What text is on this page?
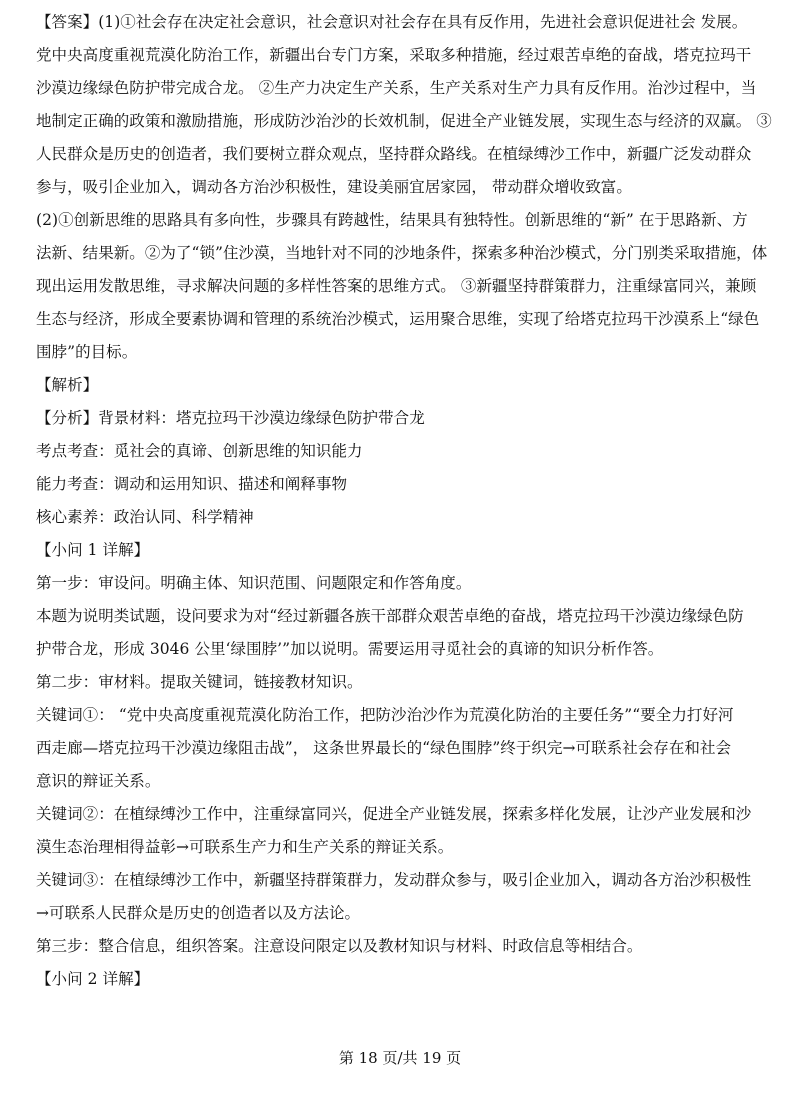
【答案】(1)①社会存在决定社会意识，社会意识对社会存在具有反作用，先进社会意识促进社会 发展。
党中央高度重视荒漠化防治工作，新疆出台专门方案，采取多种措施，经过艰苦卓绝的奋战，塔克拉玛干
沙漠边缘绿色防护带完成合龙。 ②生产力决定生产关系，生产关系对生产力具有反作用。治沙过程中，当
地制定正确的政策和激励措施，形成防沙治沙的长效机制，促进全产业链发展，实现生态与经济的双赢。 ③
人民群众是历史的创造者，我们要树立群众观点，坚持群众路线。在植绿缚沙工作中，新疆广泛发动群众
参与，吸引企业加入，调动各方治沙积极性，建设美丽宜居家园， 带动群众增收致富。
(2)①创新思维的思路具有多向性，步骤具有跨越性，结果具有独特性。创新思维的“新” 在于思路新、方
法新、结果新。②为了“锁”住沙漠，当地针对不同的沙地条件，探索多种治沙模式，分门别类采取措施，体
现出运用发散思维，寻求解决问题的多样性答案的思维方式。 ③新疆坚持群策群力，注重绿富同兴，兼顾
生态与经济，形成全要素协调和管理的系统治沙模式，运用聚合思维，实现了给塔克拉玛干沙漠系上“绿色
围脖”的目标。
【解析】
【分析】背景材料：塔克拉玛干沙漠边缘绿色防护带合龙
考点考查：觅社会的真谛、创新思维的知识能力
能力考查：调动和运用知识、描述和阐释事物
核心素养：政治认同、科学精神
【小问 1 详解】
第一步：审设问。明确主体、知识范围、问题限定和作答角度。
本题为说明类试题，设问要求为对“经过新疆各族干部群众艰苦卓绝的奋战，塔克拉玛干沙漠边缘绿色防
护带合龙，形成 3046 公里‘绿围脖’”加以说明。需要运用寻觅社会的真谛的知识分析作答。
第二步：审材料。提取关键词，链接教材知识。
关键词①： “党中央高度重视荒漠化防治工作，把防沙治沙作为荒漠化防治的主要任务”“要全力打好河
西走廊—塔克拉玛干沙漠边缘阻击战”， 这条世界最长的“绿色围脖”终于织完→可联系社会存在和社会
意识的辩证关系。
关键词②：在植绿缚沙工作中，注重绿富同兴，促进全产业链发展，探索多样化发展，让沙产业发展和沙
漠生态治理相得益彰→可联系生产力和生产关系的辩证关系。
关键词③：在植绿缚沙工作中，新疆坚持群策群力，发动群众参与，吸引企业加入，调动各方治沙积极性
→可联系人民群众是历史的创造者以及方法论。
第三步：整合信息，组织答案。注意设问限定以及教材知识与材料、时政信息等相结合。
【小问 2 详解】
第 18 页/共 19 页
